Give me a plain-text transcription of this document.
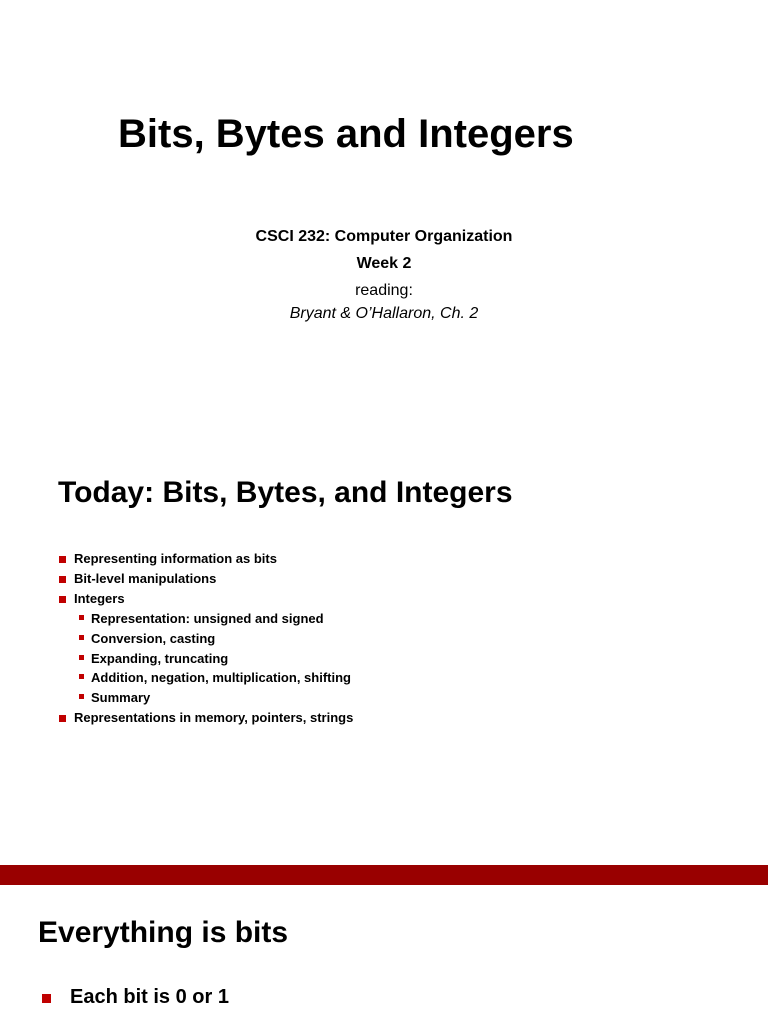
Bits, Bytes and Integers
CSCI 232: Computer Organization
Week 2
reading:
Bryant & O’Hallaron, Ch. 2
Today: Bits, Bytes, and Integers
Representing information as bits
Bit-level manipulations
Integers
Representation: unsigned and signed
Conversion, casting
Expanding, truncating
Addition, negation, multiplication, shifting
Summary
Representations in memory, pointers, strings
Everything is bits
Each bit is 0 or 1
